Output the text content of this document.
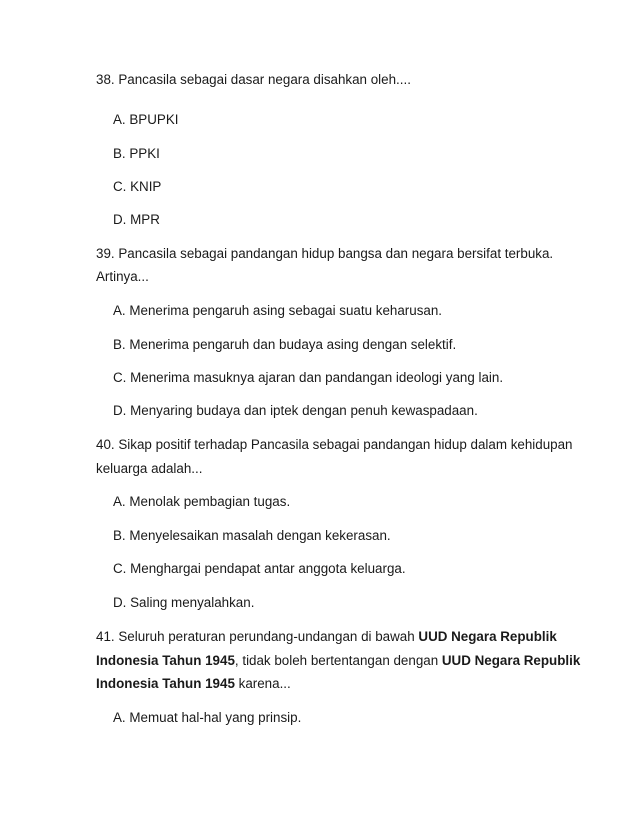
38. Pancasila sebagai dasar negara disahkan oleh....
A. BPUPKI
B. PPKI
C. KNIP
D. MPR
39. Pancasila sebagai pandangan hidup bangsa dan negara bersifat terbuka.
Artinya...
A. Menerima pengaruh asing sebagai suatu keharusan.
B. Menerima pengaruh dan budaya asing dengan selektif.
C. Menerima masuknya ajaran dan pandangan ideologi yang lain.
D. Menyaring budaya dan iptek dengan penuh kewaspadaan.
40. Sikap positif terhadap Pancasila sebagai pandangan hidup dalam kehidupan
keluarga adalah...
A. Menolak pembagian tugas.
B. Menyelesaikan masalah dengan kekerasan.
C. Menghargai pendapat antar anggota keluarga.
D. Saling menyalahkan.
41. Seluruh peraturan perundang-undangan di bawah UUD Negara Republik
Indonesia Tahun 1945, tidak boleh bertentangan dengan UUD Negara Republik
Indonesia Tahun 1945 karena...
A. Memuat hal-hal yang prinsip.
